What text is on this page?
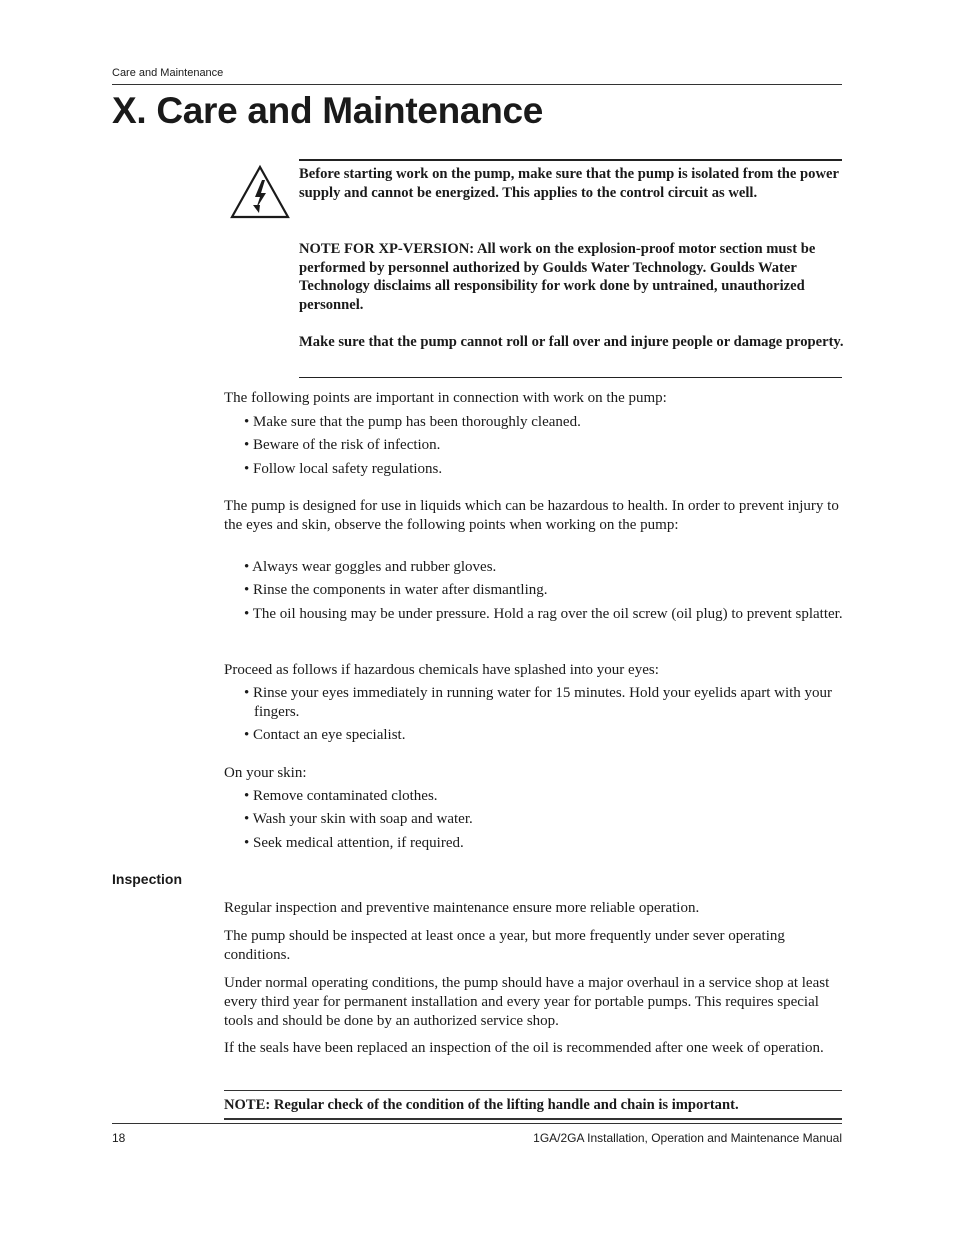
Care and Maintenance
X. Care and Maintenance

Before starting work on the pump, make sure that the pump is isolated from the power supply and cannot be energized. This applies to the control circuit as well.

NOTE FOR XP-VERSION: All work on the explosion-proof motor section must be performed by personnel authorized by Goulds Water Technology. Goulds Water Technology disclaims all responsibility for work done by untrained, unauthorized personnel.

Make sure that the pump cannot roll or fall over and injure people or damage property.

The following points are important in connection with work on the pump:

• Make sure that the pump has been thoroughly cleaned.

• Beware of the risk of infection.

• Follow local safety regulations.

The pump is designed for use in liquids which can be hazardous to health. In order to prevent injury to the eyes and skin, observe the following points when working on the pump:

• Always wear goggles and rubber gloves.

• Rinse the components in water after dismantling.

• The oil housing may be under pressure. Hold a rag over the oil screw (oil plug) to prevent splatter.

Proceed as follows if hazardous chemicals have splashed into your eyes:

• Rinse your eyes immediately in running water for 15 minutes. Hold your eyelids apart with your fingers.

• Contact an eye specialist.

On your skin:

• Remove contaminated clothes.

• Wash your skin with soap and water.

• Seek medical attention, if required.

Inspection

Regular inspection and preventive maintenance ensure more reliable operation.

The pump should be inspected at least once a year, but more frequently under sever operating conditions.

Under normal operating conditions, the pump should have a major overhaul in a service shop at least every third year for permanent installation and every year for portable pumps. This requires special tools and should be done by an authorized service shop.

If the seals have been replaced an inspection of the oil is recommended after one week of operation.

NOTE: Regular check of the condition of the lifting handle and chain is important.

18	1GA/2GA Installation, Operation and Maintenance Manual
